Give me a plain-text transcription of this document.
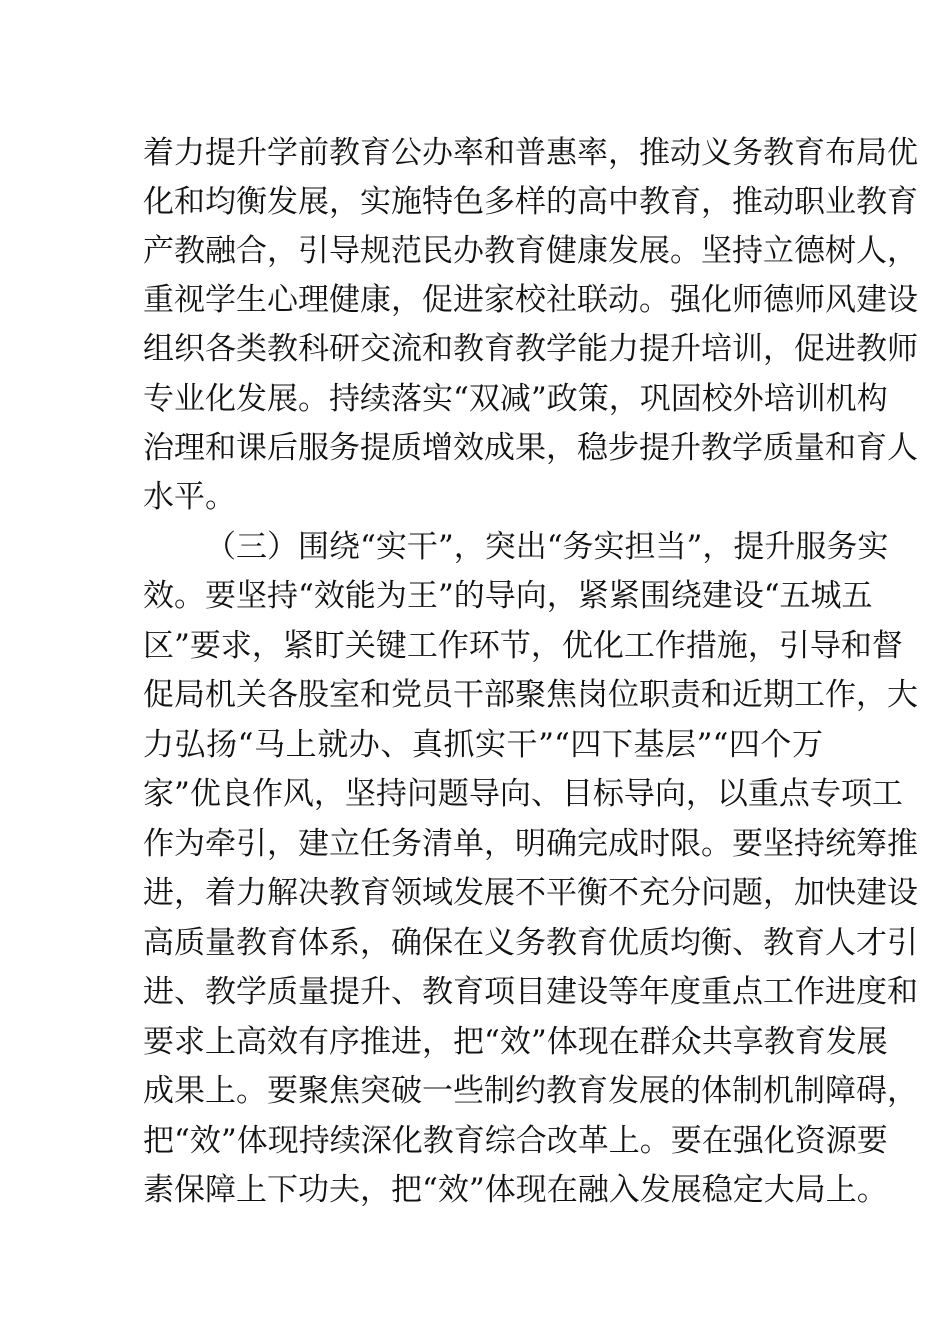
着力提升学前教育公办率和普惠率，推动义务教育布局优

化和均衡发展，实施特色多样的高中教育，推动职业教育

产教融合，引导规范民办教育健康发展。坚持立德树人，

重视学生心理健康，促进家校社联动。强化师德师风建设

组织各类教科研交流和教育教学能力提升培训，促进教师

专业化发展。持续落实“双减”政策，巩固校外培训机构

治理和课后服务提质增效成果，稳步提升教学质量和育人

水平。

（三）围绕“实干”，突出“务实担当”，提升服务实

效。要坚持“效能为王”的导向，紧紧围绕建设“五城五

区”要求，紧盯关键工作环节，优化工作措施，引导和督

促局机关各股室和党员干部聚焦岗位职责和近期工作，大

力弘扬“马上就办、真抓实干”“四下基层”“四个万

家”优良作风，坚持问题导向、目标导向，以重点专项工

作为牵引，建立任务清单，明确完成时限。要坚持统筹推

进，着力解决教育领域发展不平衡不充分问题，加快建设

高质量教育体系，确保在义务教育优质均衡、教育人才引

进、教学质量提升、教育项目建设等年度重点工作进度和

要求上高效有序推进，把“效”体现在群众共享教育发展

成果上。要聚焦突破一些制约教育发展的体制机制障碍，

把“效”体现持续深化教育综合改革上。要在强化资源要

素保障上下功夫，把“效”体现在融入发展稳定大局上。
